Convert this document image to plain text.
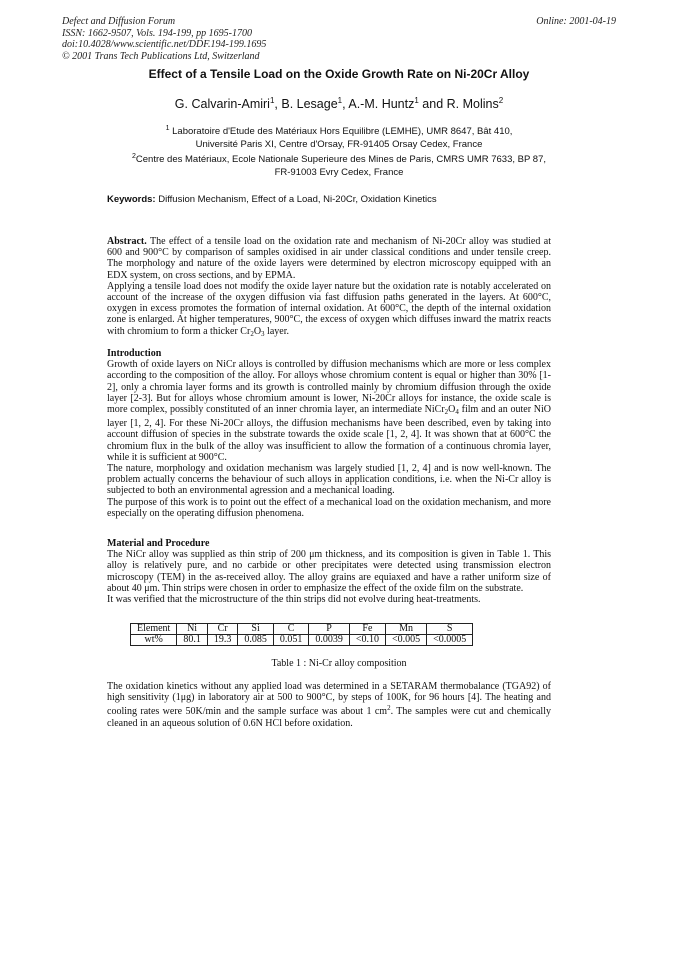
Defect and Diffusion Forum
ISSN: 1662-9507, Vols. 194-199, pp 1695-1700
doi:10.4028/www.scientific.net/DDF.194-199.1695
© 2001 Trans Tech Publications Ltd, Switzerland
Online: 2001-04-19
Effect of a Tensile Load on the Oxide Growth Rate on Ni-20Cr Alloy
G. Calvarin-Amiri$^1$, B. Lesage$^1$, A.-M. Huntz$^1$ and R. Molins$^2$
$^1$ Laboratoire d'Etude des Matériaux Hors Equilibre (LEMHE), UMR 8647, Bât 410,
Université Paris XI, Centre d'Orsay, FR-91405 Orsay Cedex, France
$^2$Centre des Matériaux, Ecole Nationale Superieure des Mines de Paris, CMRS UMR 7633, BP 87,
FR-91003 Evry Cedex, France
Keywords: Diffusion Mechanism, Effect of a Load, Ni-20Cr, Oxidation Kinetics

Abstract. The effect of a tensile load on the oxidation rate and mechanism of Ni-20Cr alloy was studied at 600 and 900°C by comparison of samples oxidised in air under classical conditions and under tensile creep. The morphology and nature of the oxide layers were determined by electron microscopy equipped with an EDX system, on cross sections, and by EPMA.

Applying a tensile load does not modify the oxide layer nature but the oxidation rate is notably accelerated on account of the increase of the oxygen diffusion via fast diffusion paths generated in the layers. At 600°C, oxygen in excess promotes the formation of internal oxidation. At 600°C, the depth of the internal oxidation zone is enlarged. At higher temperatures, 900°C, the excess of oxygen which diffuses inward the matrix reacts with chromium to form a thicker $Cr_2O_3$ layer.

Introduction

Growth of oxide layers on NiCr alloys is controlled by diffusion mechanisms which are more or less complex according to the composition of the alloy. For alloys whose chromium content is equal or higher than 30% [1-2], only a chromia layer forms and its growth is controlled mainly by chromium diffusion through the oxide layer [2-3]. But for alloys whose chromium amount is lower, Ni-20Cr alloys for instance, the oxide scale is more complex, possibly constituted of an inner chromia layer, an intermediate $NiCr_2O_4$ film and an outer NiO layer [1, 2, 4]. For these Ni-20Cr alloys, the diffusion mechanisms have been described, even by taking into account diffusion of species in the substrate towards the oxide scale [1, 2, 4]. It was shown that at 600°C the chromium flux in the bulk of the alloy was insufficient to allow the formation of a continuous chromia layer, while it is sufficient at 900°C.

The nature, morphology and oxidation mechanism was largely studied [1, 2, 4] and is now well-known. The problem actually concerns the behaviour of such alloys in application conditions, i.e. when the Ni-Cr alloy is subjected to both an environmental agression and a mechanical loading.

The purpose of this work is to point out the effect of a mechanical load on the oxidation mechanism, and more especially on the operating diffusion phenomena.

Material and Procedure

The NiCr alloy was supplied as thin strip of 200 μm thickness, and its composition is given in Table 1. This alloy is relatively pure, and no carbide or other precipitates were detected using transmission electron microscopy (TEM) in the as-received alloy. The alloy grains are equiaxed and have a rather uniform size of about 40 μm. Thin strips were chosen in order to emphasize the effect of the oxide film on the substrate.

It was verified that the microstructure of the thin strips did not evolve during heat-treatments.

Element	Ni	Cr	Si	C	P	Fe	Mn	S
wt%	80.1	19.3	0.085	0.051	0.0039	<0.10	<0.005	<0.0005
Table 1 : Ni-Cr alloy composition

The oxidation kinetics without any applied load was determined in a SETARAM thermobalance (TGA92) of high sensitivity (1μg) in laboratory air at 500 to 900°C, by steps of 100K, for 96 hours [4]. The heating and cooling rates were 50K/min and the sample surface was about 1 $cm^2$. The samples were cut and chemically cleaned in an aqueous solution of 0.6N HCl before oxidation.
